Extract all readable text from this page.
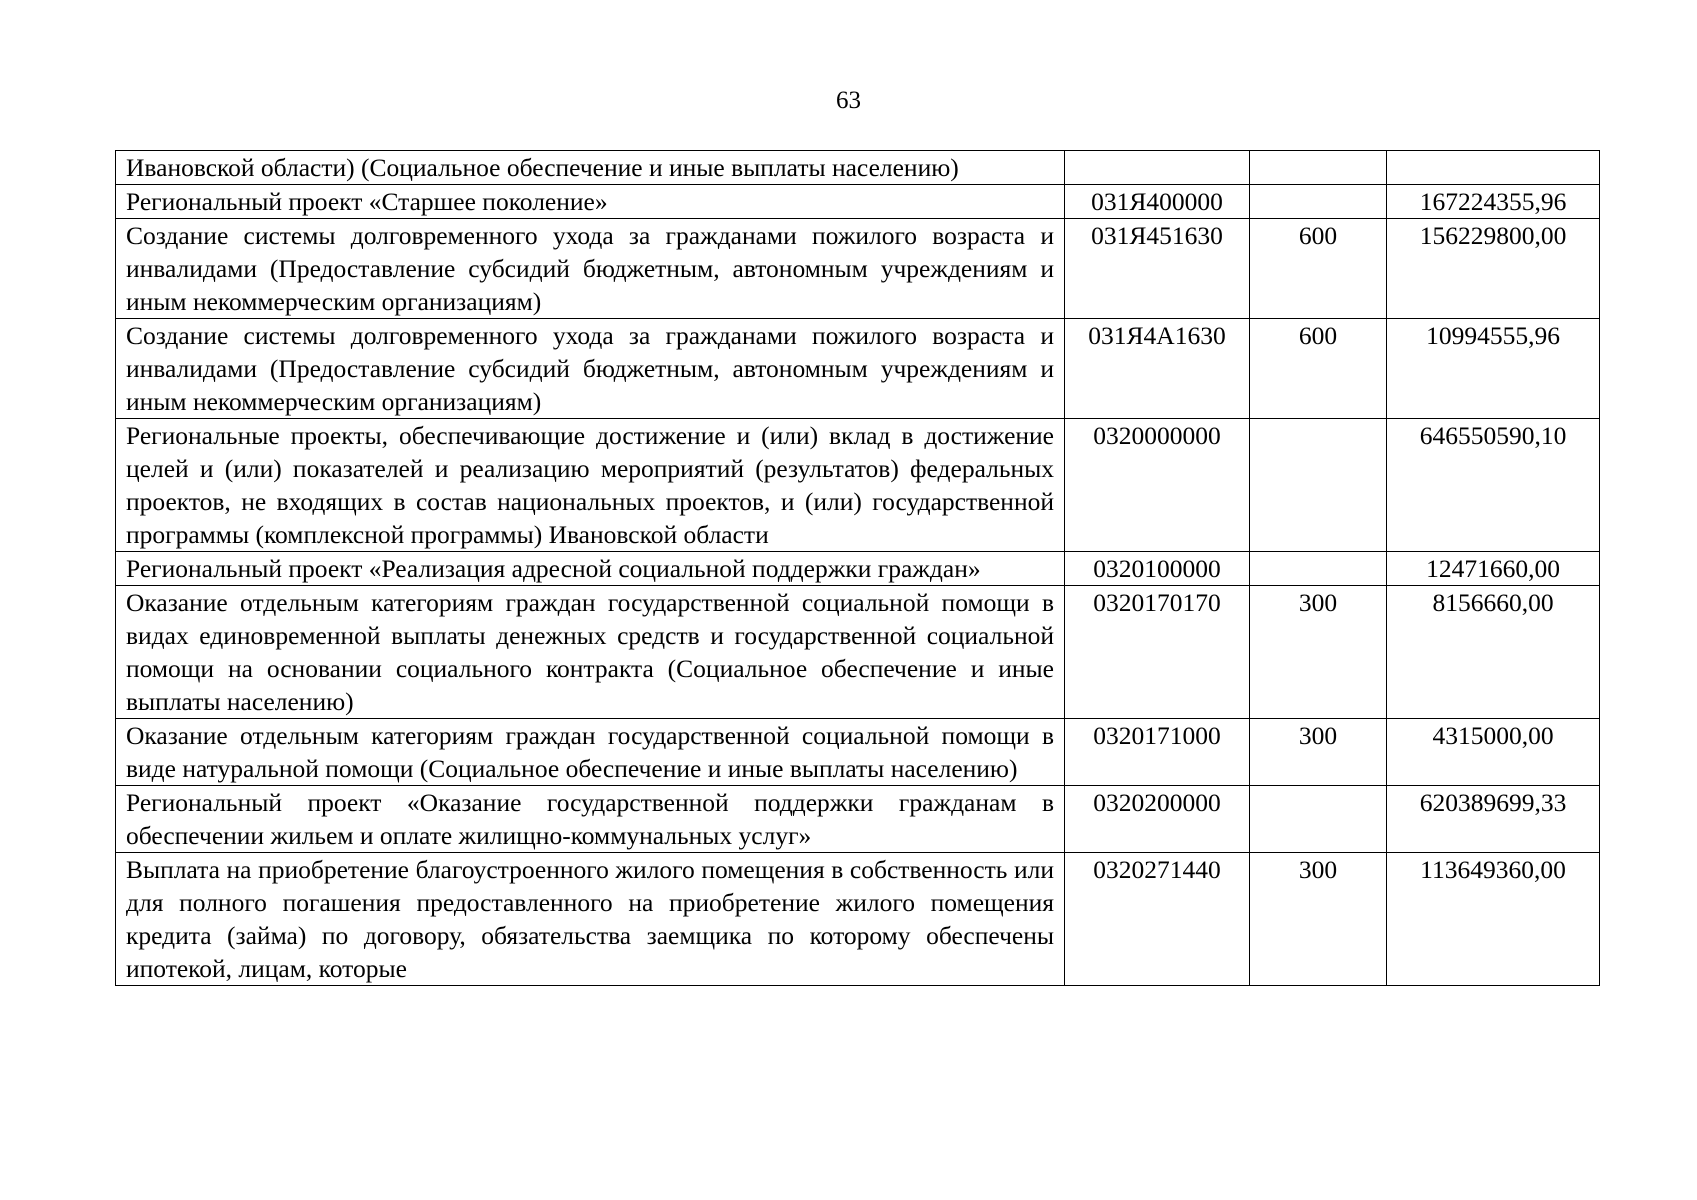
63
Ивановской области) (Социальное обеспечение и иные выплаты населению)			
Региональный проект «Старшее поколение»	031Я400000		167224355,96
Создание системы долговременного ухода за гражданами пожилого возраста и инвалидами (Предоставление субсидий бюджетным, автономным учреждениям и иным некоммерческим организациям)	031Я451630	600	156229800,00
Создание системы долговременного ухода за гражданами пожилого возраста и инвалидами (Предоставление субсидий бюджетным, автономным учреждениям и иным некоммерческим организациям)	031Я4А1630	600	10994555,96
Региональные проекты, обеспечивающие достижение и (или) вклад в достижение целей и (или) показателей и реализацию мероприятий (результатов) федеральных проектов, не входящих в состав национальных проектов, и (или) государственной программы (комплексной программы) Ивановской области	0320000000		646550590,10
Региональный проект «Реализация адресной социальной поддержки граждан»	0320100000		12471660,00
Оказание отдельным категориям граждан государственной социальной помощи в видах единовременной выплаты денежных средств и государственной социальной помощи на основании социального контракта (Социальное обеспечение и иные выплаты населению)	0320170170	300	8156660,00
Оказание отдельным категориям граждан государственной социальной помощи в виде натуральной помощи (Социальное обеспечение и иные выплаты населению)	0320171000	300	4315000,00
Региональный проект «Оказание государственной поддержки гражданам в обеспечении жильем и оплате жилищно-коммунальных услуг»	0320200000		620389699,33
Выплата на приобретение благоустроенного жилого помещения в собственность или для полного погашения предоставленного на приобретение жилого помещения кредита (займа) по договору, обязательства заемщика по которому обеспечены ипотекой, лицам, которые	0320271440	300	113649360,00
